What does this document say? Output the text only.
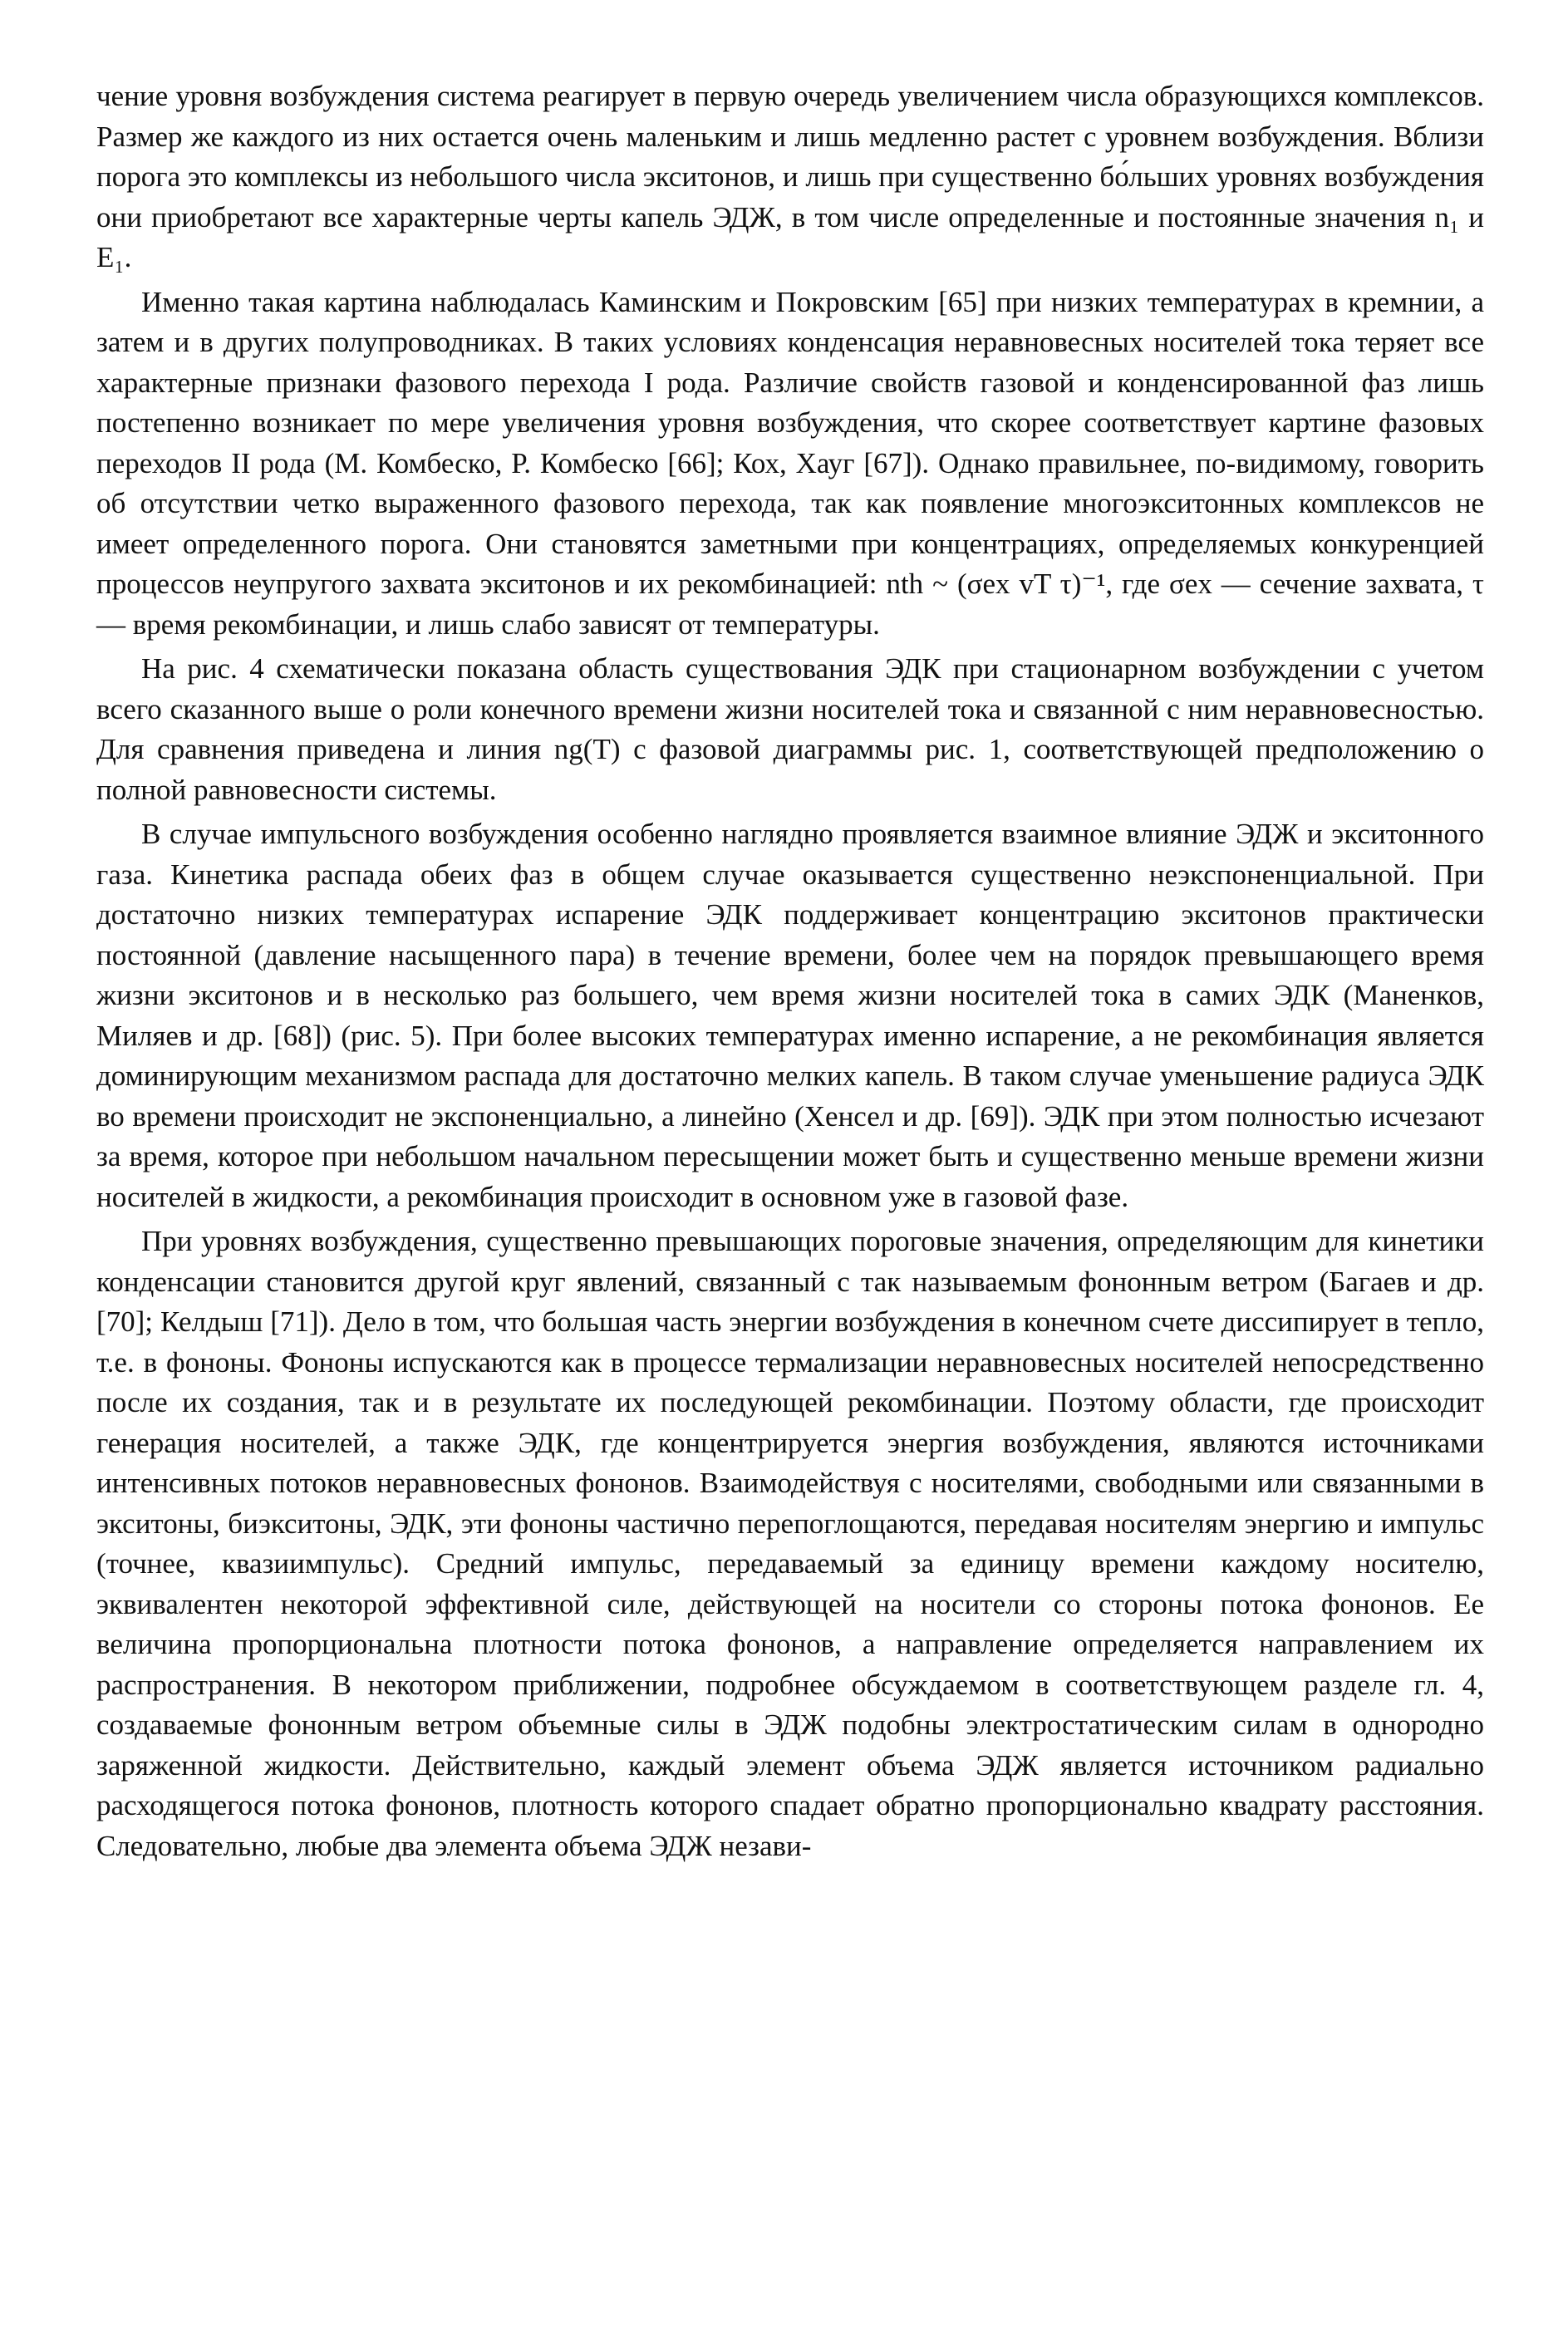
чение уровня возбуждения система реагирует в первую очередь увеличением числа образующихся комплексов. Размер же каждого из них остается очень маленьким и лишь медленно растет с уровнем возбуждения. Вблизи порога это комплексы из небольшого числа экситонов, и лишь при существенно бо́льших уровнях возбуждения они приобретают все характерные черты капель ЭДЖ, в том числе определенные и постоянные значения n₁ и E₁.

Именно такая картина наблюдалась Каминским и Покровским [65] при низких температурах в кремнии, а затем и в других полупроводниках. В таких условиях конденсация неравновесных носителей тока теряет все характерные признаки фазового перехода I рода. Различие свойств газовой и конденсированной фаз лишь постепенно возникает по мере увеличения уровня возбуждения, что скорее соответствует картине фазовых переходов II рода (М. Комбеско, Р. Комбеско [66]; Кох, Хауг [67]). Однако правильнее, по-видимому, говорить об отсутствии четко выраженного фазового перехода, так как появление многоэкситонных комплексов не имеет определенного порога. Они становятся заметными при концентрациях, определяемых конкуренцией процессов неупругого захвата экситонов и их рекомбинацией: nth ~ (σex vT τ)⁻¹, где σex — сечение захвата, τ — время рекомбинации, и лишь слабо зависят от температуры.

На рис. 4 схематически показана область существования ЭДК при стационарном возбуждении с учетом всего сказанного выше о роли конечного времени жизни носителей тока и связанной с ним неравновесностью. Для сравнения приведена и линия ng(T) с фазовой диаграммы рис. 1, соответствующей предположению о полной равновесности системы.

В случае импульсного возбуждения особенно наглядно проявляется взаимное влияние ЭДЖ и экситонного газа. Кинетика распада обеих фаз в общем случае оказывается существенно неэкспоненциальной. При достаточно низких температурах испарение ЭДК поддерживает концентрацию экситонов практически постоянной (давление насыщенного пара) в течение времени, более чем на порядок превышающего время жизни экситонов и в несколько раз большего, чем время жизни носителей тока в самих ЭДК (Маненков, Миляев и др. [68]) (рис. 5). При более высоких температурах именно испарение, а не рекомбинация является доминирующим механизмом распада для достаточно мелких капель. В таком случае уменьшение радиуса ЭДК во времени происходит не экспоненциально, а линейно (Хенсел и др. [69]). ЭДК при этом полностью исчезают за время, которое при небольшом начальном пересыщении может быть и существенно меньше времени жизни носителей в жидкости, а рекомбинация происходит в основном уже в газовой фазе.

При уровнях возбуждения, существенно превышающих пороговые значения, определяющим для кинетики конденсации становится другой круг явлений, связанный с так называемым фононным ветром (Багаев и др. [70]; Келдыш [71]). Дело в том, что большая часть энергии возбуждения в конечном счете диссипирует в тепло, т.е. в фононы. Фононы испускаются как в процессе термализации неравновесных носителей непосредственно после их создания, так и в результате их последующей рекомбинации. Поэтому области, где происходит генерация носителей, а также ЭДК, где концентрируется энергия возбуждения, являются источниками интенсивных потоков неравновесных фононов. Взаимодействуя с носителями, свободными или связанными в экситоны, биэкситоны, ЭДК, эти фононы частично перепоглощаются, передавая носителям энергию и импульс (точнее, квазиимпульс). Средний импульс, передаваемый за единицу времени каждому носителю, эквивалентен некоторой эффективной силе, действующей на носители со стороны потока фононов. Ее величина пропорциональна плотности потока фононов, а направление определяется направлением их распространения. В некотором приближении, подробнее обсуждаемом в соответствующем разделе гл. 4, создаваемые фононным ветром объемные силы в ЭДЖ подобны электростатическим силам в однородно заряженной жидкости. Действительно, каждый элемент объема ЭДЖ является источником радиально расходящегося потока фононов, плотность которого спадает обратно пропорционально квадрату расстояния. Следовательно, любые два элемента объема ЭДЖ незави-
